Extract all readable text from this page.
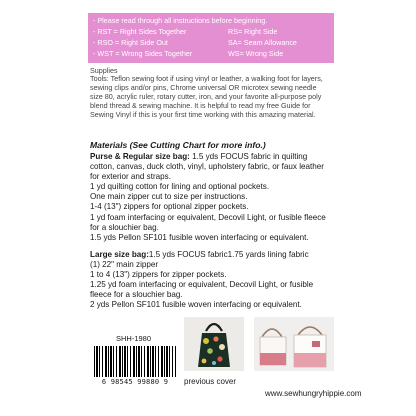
- Please read through all instructions before beginning.
- RST = Right Sides Together
- RSO = Right Side Out
- WST = Wrong Sides Together
RS= Right Side
SA= Seam Allowance
WS= Wrong Side
Supplies
Tools: Teflon sewing foot if using vinyl or leather, a walking foot for layers, sewing clips and/or pins, Chrome universal OR microtex sewing needle size 80, acrylic ruler, rotary cutter, iron, and your favorite all-purpose poly blend thread & sewing machine. It is helpful to read my free Guide for Sewing Vinyl if this is your first time working with this amazing material.
Materials (See Cutting Chart for more info.)

Purse & Regular size bag: 1.5 yds FOCUS fabric in quilting cotton, canvas, duck cloth, vinyl, upholstery fabric, or faux leather for exterior and straps.

1 yd quilting cotton for lining and optional pockets.

One main zipper cut to size per instructions.

1-4 (13") zippers for optional zipper pockets.

1 yd foam interfacing or equivalent, Decovil Light, or fusible fleece for a slouchier bag.

1.5 yds Pellon SF101 fusible woven interfacing or equivalent.

Large size bag:1.5 yds FOCUS fabric1.75 yards lining fabric

(1) 22" main zipper

1 to 4 (13") zippers for zipper pockets.

1.25 yd foam interfacing or equivalent, Decovil Light, or fusible fleece for a slouchier bag.

2 yds Pellon SF101 fusible woven interfacing or equivalent.

SHH-1980
6 98545 99880 9	previous cover
www.sewhungryhippie.com
